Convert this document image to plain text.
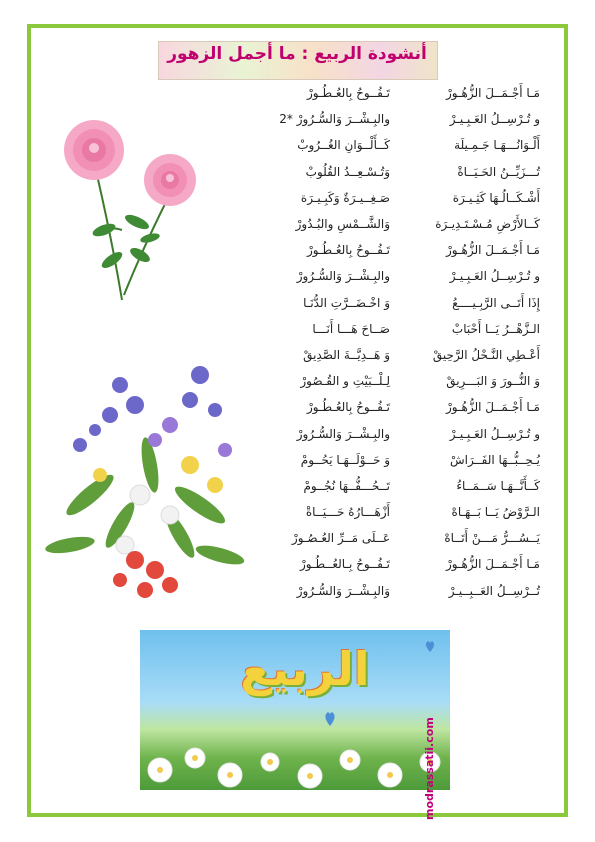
أنشودة الربيع : ما أجمل الزهور
مَـا أَجْـمَــلَ الزُّهُـورْ
تَـفُــوحُ بِالعُـطُـورْ
و تُـرْسِــلُ العَـبِـيـرْ
والبِـشْــرَ وَالسُّـرُورْ *2
أَلْـوَانُـــهَـا جَـمِـيلَة
كَــأَلْــوَانِ الغُــرُوبْ
تُـــزَيِّــنُ الحَـيَــاةْ
وَتُـسْـعِــدُ القُلُوبْ
أَشْـكَــالُـهَا كَثِـيـرَة
صَـغِــيـرَةٌ وَكَبِـيـرَة
كَــالأَرْضِ مُـسْـتَـدِيـرَة
وَالشَّــمْسِ والبُـدُورْ
مَـا أَجْـمَــلَ الزُّهُـورْ
تَـفُــوحُ بِالعُـطُـورْ
و تُـرْسِــلُ العَـبِـيـرْ
والبِـشْــرَ وَالسُّـرُورْ
إِذَا أَتَــى الرَّبِـيــــعُ
وَ اخْـضَــرَّتِ الدُّنَـا
الـزَّهْــرُ يَــا أَحْبَابْ
صَــاحَ هَـــا أَنَـــا
أَعْـطِي النَّـحْلُ الرَّحِيقْ
وَ هَــدِيَّــةَ الصَّدِيقْ
وَ النُّــورَ وَ البَـــرِيقْ
لِـلْــبَيْتِ و القُـصُورْ
مَـا أَجْـمَــلَ الزُّهُـورْ
تَـفُــوحُ بِالعُـطُـورْ
و تُـرْسِــلُ العَـبِـيـرْ
والبِـشْــرَ وَالسُّـرُورْ
يُـحِــبُّــهَا الفَــرَاشْ
وَ حَــوْلَــهَـا يَحُــومْ
كَــأَنَّــهَـا سَــمَــاءُ
تَــحُـــفُّــهَا نُجُــومْ
الـرَّوْضُ يَــا بَــهَـاهْ
أَزْهَـــارُهُ حَـــيَــاةْ
يَــسُـــرُّ مَـــنْ أَتَــاهْ
عَــلَى مَــرِّ العُـصُـورْ
مَـا أَجْـمَــلَ الزُّهُـورْ
تَـفُــوحُ بِـالعُــطُـورْ
تُــرْسِــلُ العَــبِــيـرْ
وَالبِـشْــرَ وَالسُّـرُورْ
الربيع
modrassatii.com
